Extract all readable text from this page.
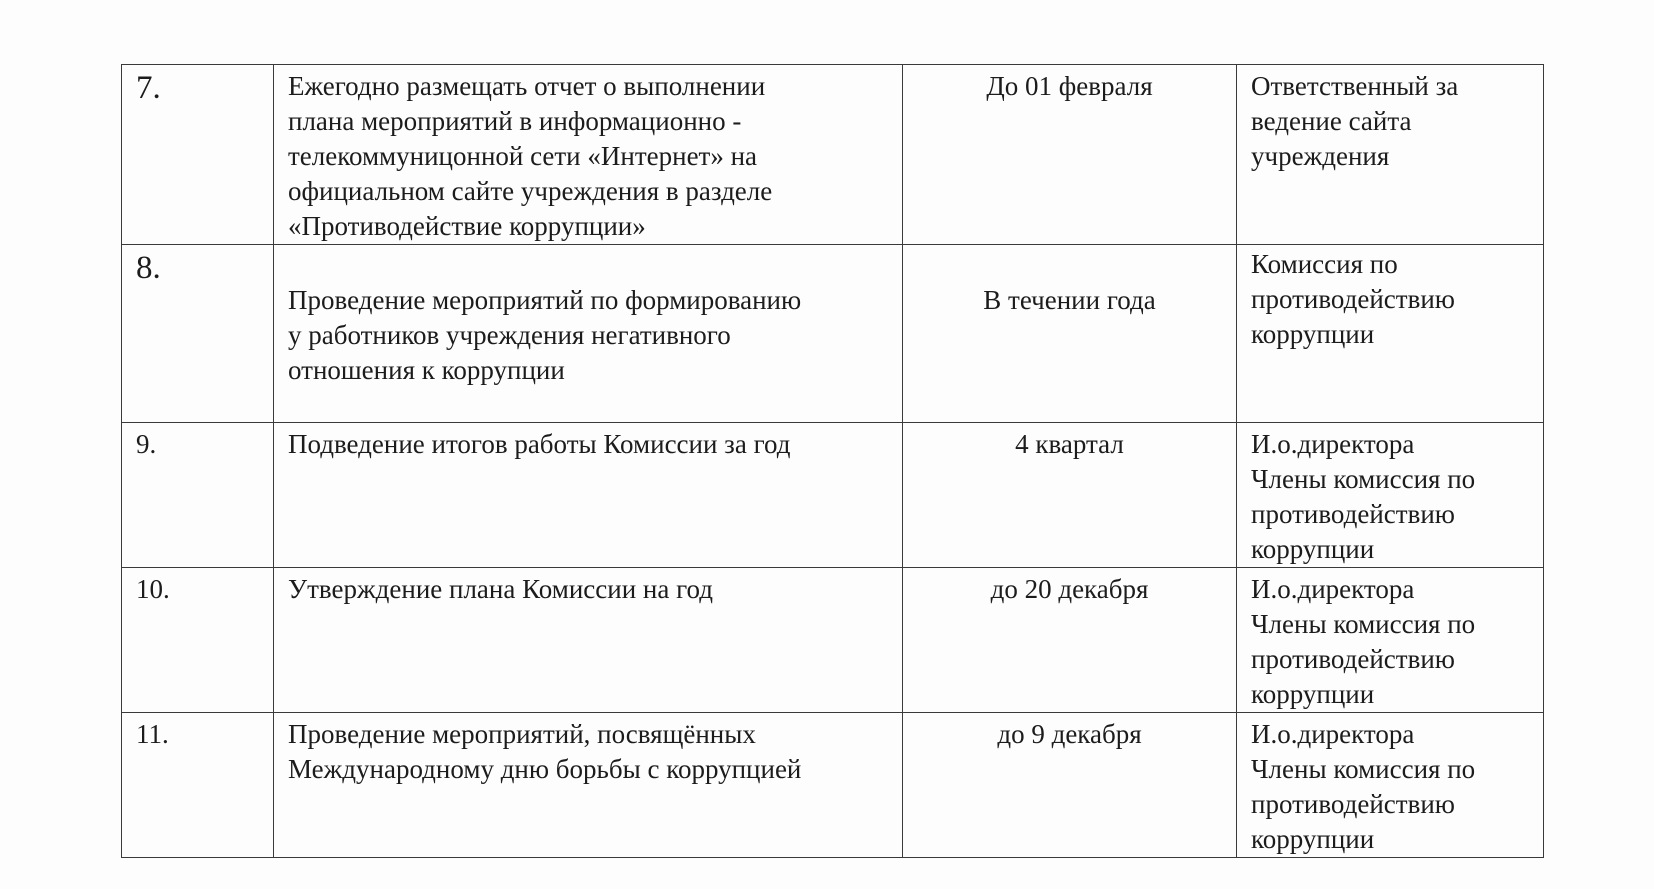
7.	Ежегодно размещать отчет о выполнении
плана мероприятий в информационно -
телекоммуницонной сети «Интернет» на
официальном сайте учреждения в разделе
«Противодействие коррупции»	До 01 февраля	Ответственный за
ведение сайта
учреждения

8.	Проведение мероприятий по формированию
у работников учреждения негативного
отношения к коррупции	В течении года	Комиссия по
противодействию
коррупции

9.	Подведение итогов работы Комиссии за год	4 квартал	И.о.директора
Члены комиссия по
противодействию
коррупции

10.	Утверждение плана Комиссии на год	до 20 декабря	И.о.директора
Члены комиссия по
противодействию
коррупции

11.	Проведение мероприятий, посвящённых
Международному дню борьбы с коррупцией	до 9 декабря	И.о.директора
Члены комиссия по
противодействию
коррупции
